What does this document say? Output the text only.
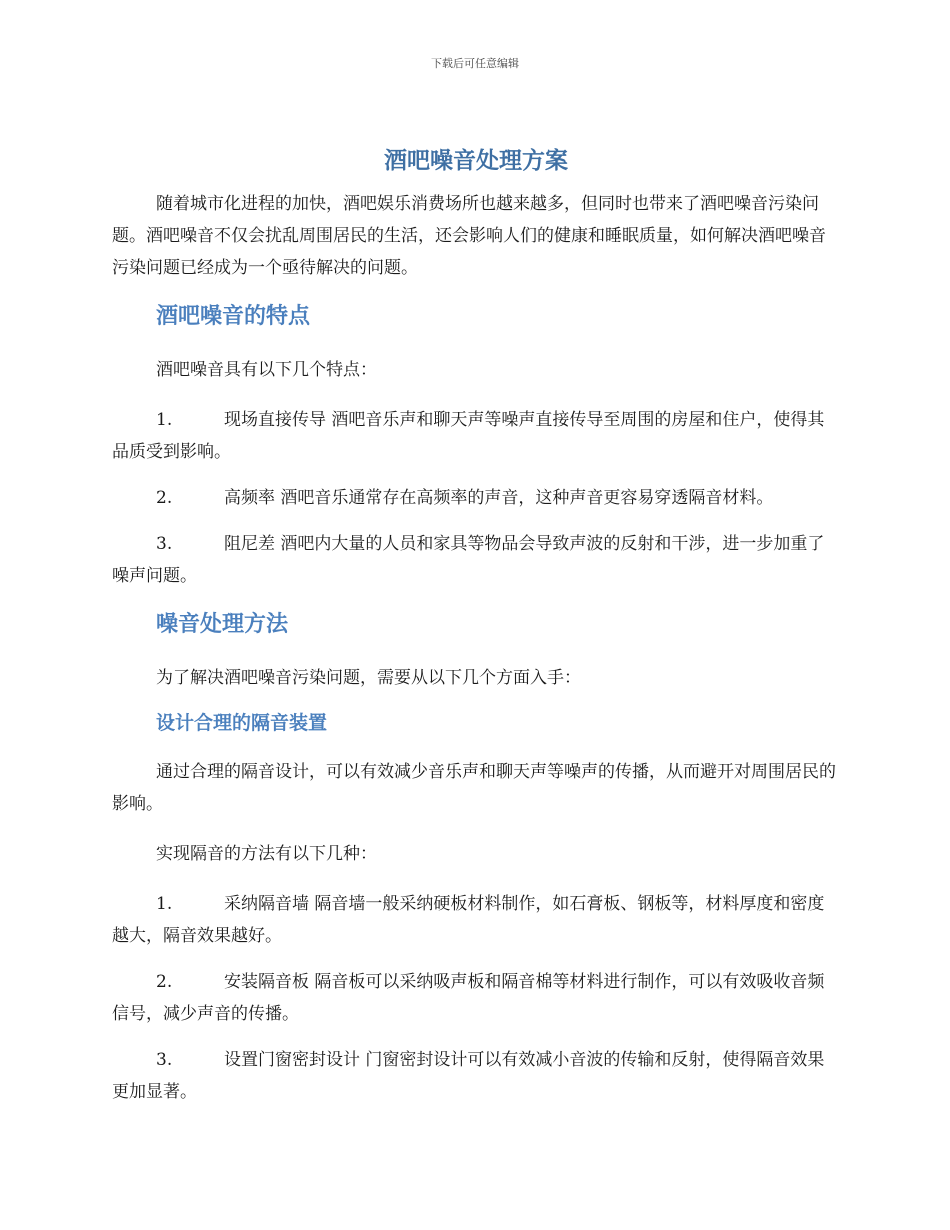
下载后可任意编辑
酒吧噪音处理方案

随着城市化进程的加快，酒吧娱乐消费场所也越来越多，但同时也带来了酒吧噪音污染问题。酒吧噪音不仅会扰乱周围居民的生活，还会影响人们的健康和睡眠质量，如何解决酒吧噪音污染问题已经成为一个亟待解决的问题。

酒吧噪音的特点

酒吧噪音具有以下几个特点：

1.	现场直接传导 酒吧音乐声和聊天声等噪声直接传导至周围的房屋和住户，使得其品质受到影响。
2.	高频率 酒吧音乐通常存在高频率的声音，这种声音更容易穿透隔音材料。
3.	阻尼差 酒吧内大量的人员和家具等物品会导致声波的反射和干涉，进一步加重了噪声问题。
噪音处理方法

为了解决酒吧噪音污染问题，需要从以下几个方面入手：

设计合理的隔音装置

通过合理的隔音设计，可以有效减少音乐声和聊天声等噪声的传播，从而避开对周围居民的影响。

实现隔音的方法有以下几种：

1.	采纳隔音墙 隔音墙一般采纳硬板材料制作，如石膏板、钢板等，材料厚度和密度越大，隔音效果越好。
2.	安装隔音板 隔音板可以采纳吸声板和隔音棉等材料进行制作，可以有效吸收音频信号，减少声音的传播。
3.	设置门窗密封设计 门窗密封设计可以有效减小音波的传输和反射，使得隔音效果更加显著。
